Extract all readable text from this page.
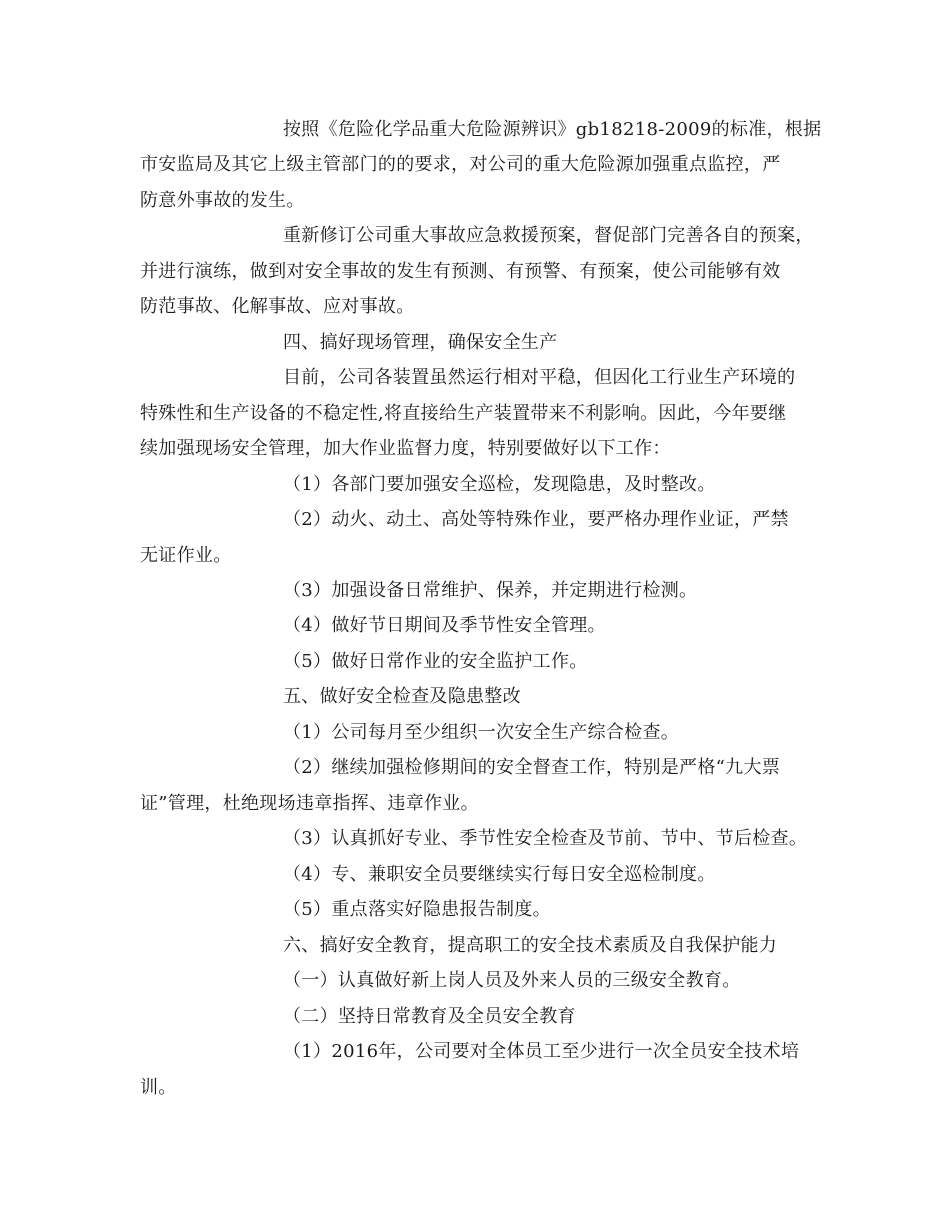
按照《危险化学品重大危险源辨识》gb18218-2009的标准，根据
市安监局及其它上级主管部门的的要求，对公司的重大危险源加强重点监控，严
防意外事故的发生。
重新修订公司重大事故应急救援预案，督促部门完善各自的预案，
并进行演练，做到对安全事故的发生有预测、有预警、有预案，使公司能够有效
防范事故、化解事故、应对事故。
四、搞好现场管理，确保安全生产
目前，公司各装置虽然运行相对平稳，但因化工行业生产环境的
特殊性和生产设备的不稳定性,将直接给生产装置带来不利影响。因此，今年要继
续加强现场安全管理，加大作业监督力度，特别要做好以下工作：
（1）各部门要加强安全巡检，发现隐患，及时整改。
（2）动火、动土、高处等特殊作业，要严格办理作业证，严禁
无证作业。
（3）加强设备日常维护、保养，并定期进行检测。
（4）做好节日期间及季节性安全管理。
（5）做好日常作业的安全监护工作。
五、做好安全检查及隐患整改
（1）公司每月至少组织一次安全生产综合检查。
（2）继续加强检修期间的安全督查工作，特别是严格“九大票
证”管理，杜绝现场违章指挥、违章作业。
（3）认真抓好专业、季节性安全检查及节前、节中、节后检查。
（4）专、兼职安全员要继续实行每日安全巡检制度。
（5）重点落实好隐患报告制度。
六、搞好安全教育，提高职工的安全技术素质及自我保护能力
（一）认真做好新上岗人员及外来人员的三级安全教育。
（二）坚持日常教育及全员安全教育
（1）2016年，公司要对全体员工至少进行一次全员安全技术培
训。
